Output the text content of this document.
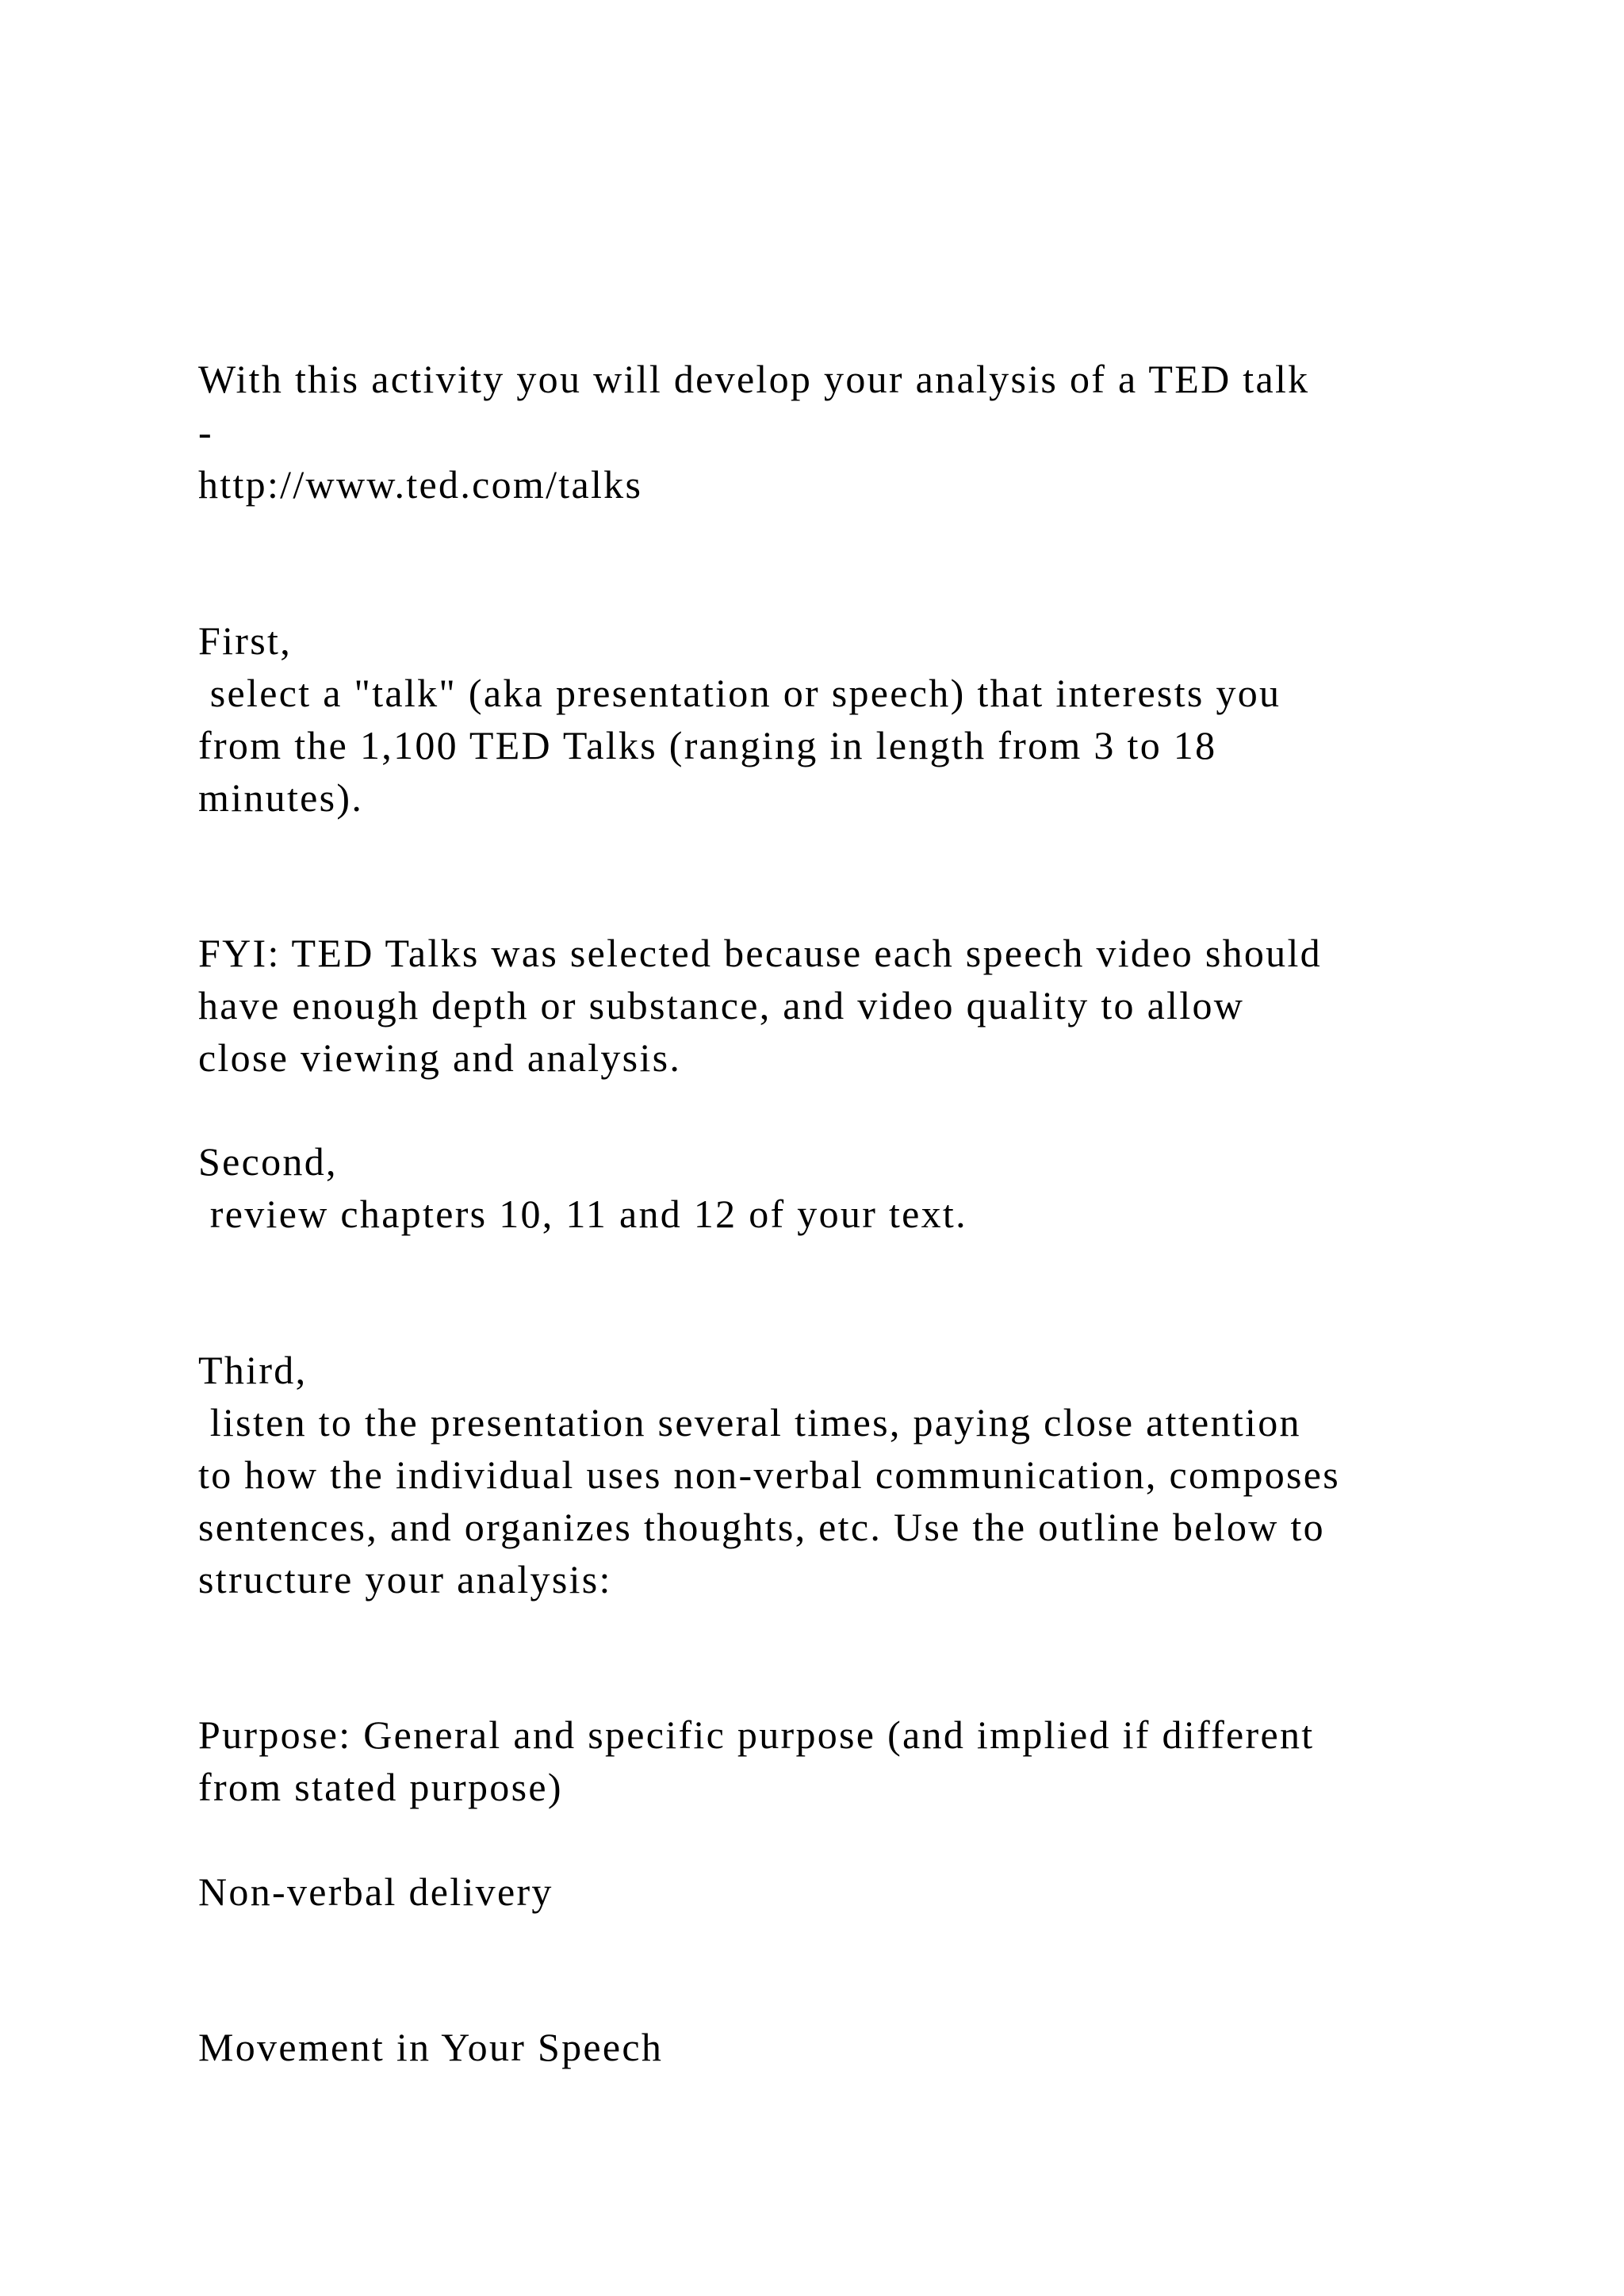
With this activity you will develop your analysis of a TED talk

-

http://www.ted.com/talks

First,

select a "talk" (aka presentation or speech) that interests you

from the 1,100 TED Talks (ranging in length from 3 to 18

minutes).

FYI: TED Talks was selected because each speech video should

have enough depth or substance, and video quality to allow

close viewing and analysis.

Second,

review chapters 10, 11 and 12 of your text.

Third,

listen to the presentation several times, paying close attention

to how the individual uses non-verbal communication, composes

sentences, and organizes thoughts, etc. Use the outline below to

structure your analysis:

Purpose: General and specific purpose (and implied if different

from stated purpose)

Non-verbal delivery

Movement in Your Speech
